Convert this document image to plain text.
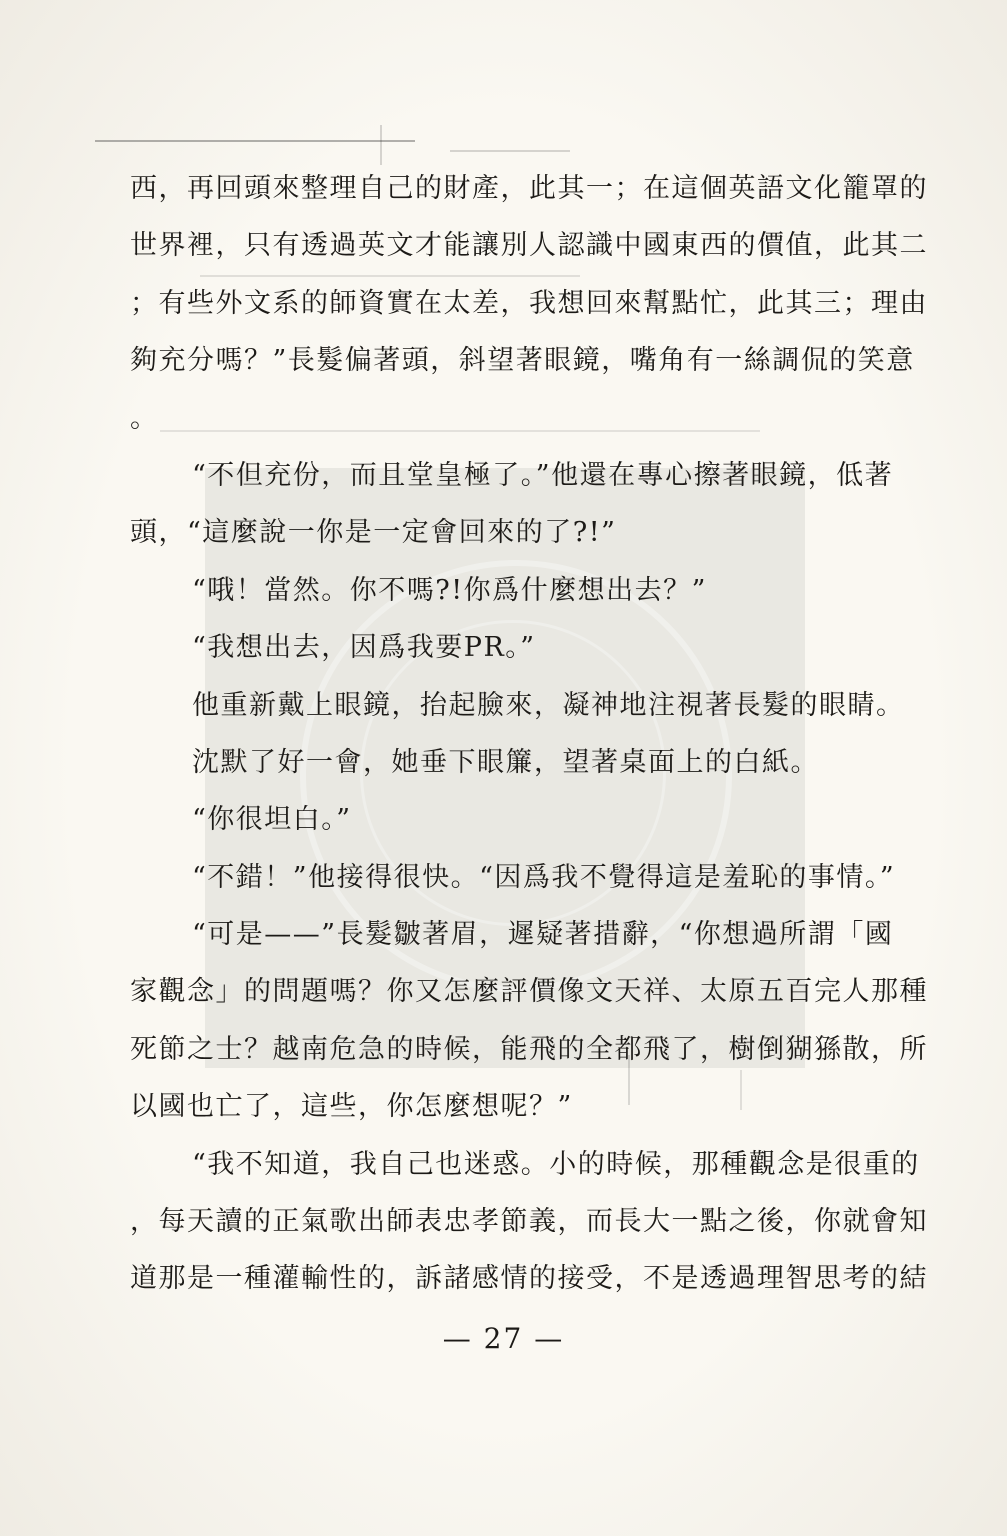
西，再回頭來整理自己的財產，此其一；在這個英語文化籠罩的
世界裡，只有透過英文才能讓別人認識中國東西的價值，此其二
；有些外文系的師資實在太差，我想回來幫點忙，此其三；理由
夠充分嗎？”長髮偏著頭，斜望著眼鏡，嘴角有一絲調侃的笑意
。
“不但充份，而且堂皇極了。”他還在專心擦著眼鏡，低著
頭，“這麼說一你是一定會回來的了?!”
“哦！當然。你不嗎?!你爲什麼想出去？”
“我想出去，因爲我要PR。”
他重新戴上眼鏡，抬起臉來，凝神地注視著長髮的眼睛。
沈默了好一會，她垂下眼簾，望著桌面上的白紙。
“你很坦白。”
“不錯！”他接得很快。“因爲我不覺得這是羞恥的事情。”
“可是——”長髮皺著眉，遲疑著措辭，“你想過所謂「國
家觀念」的問題嗎？你又怎麼評價像文天祥、太原五百完人那種
死節之士？越南危急的時候，能飛的全都飛了，樹倒猢猻散，所
以國也亡了，這些，你怎麼想呢？”
“我不知道，我自己也迷惑。小的時候，那種觀念是很重的
，每天讀的正氣歌出師表忠孝節義，而長大一點之後，你就會知
道那是一種灌輸性的，訴諸感情的接受，不是透過理智思考的結
— 27 —
